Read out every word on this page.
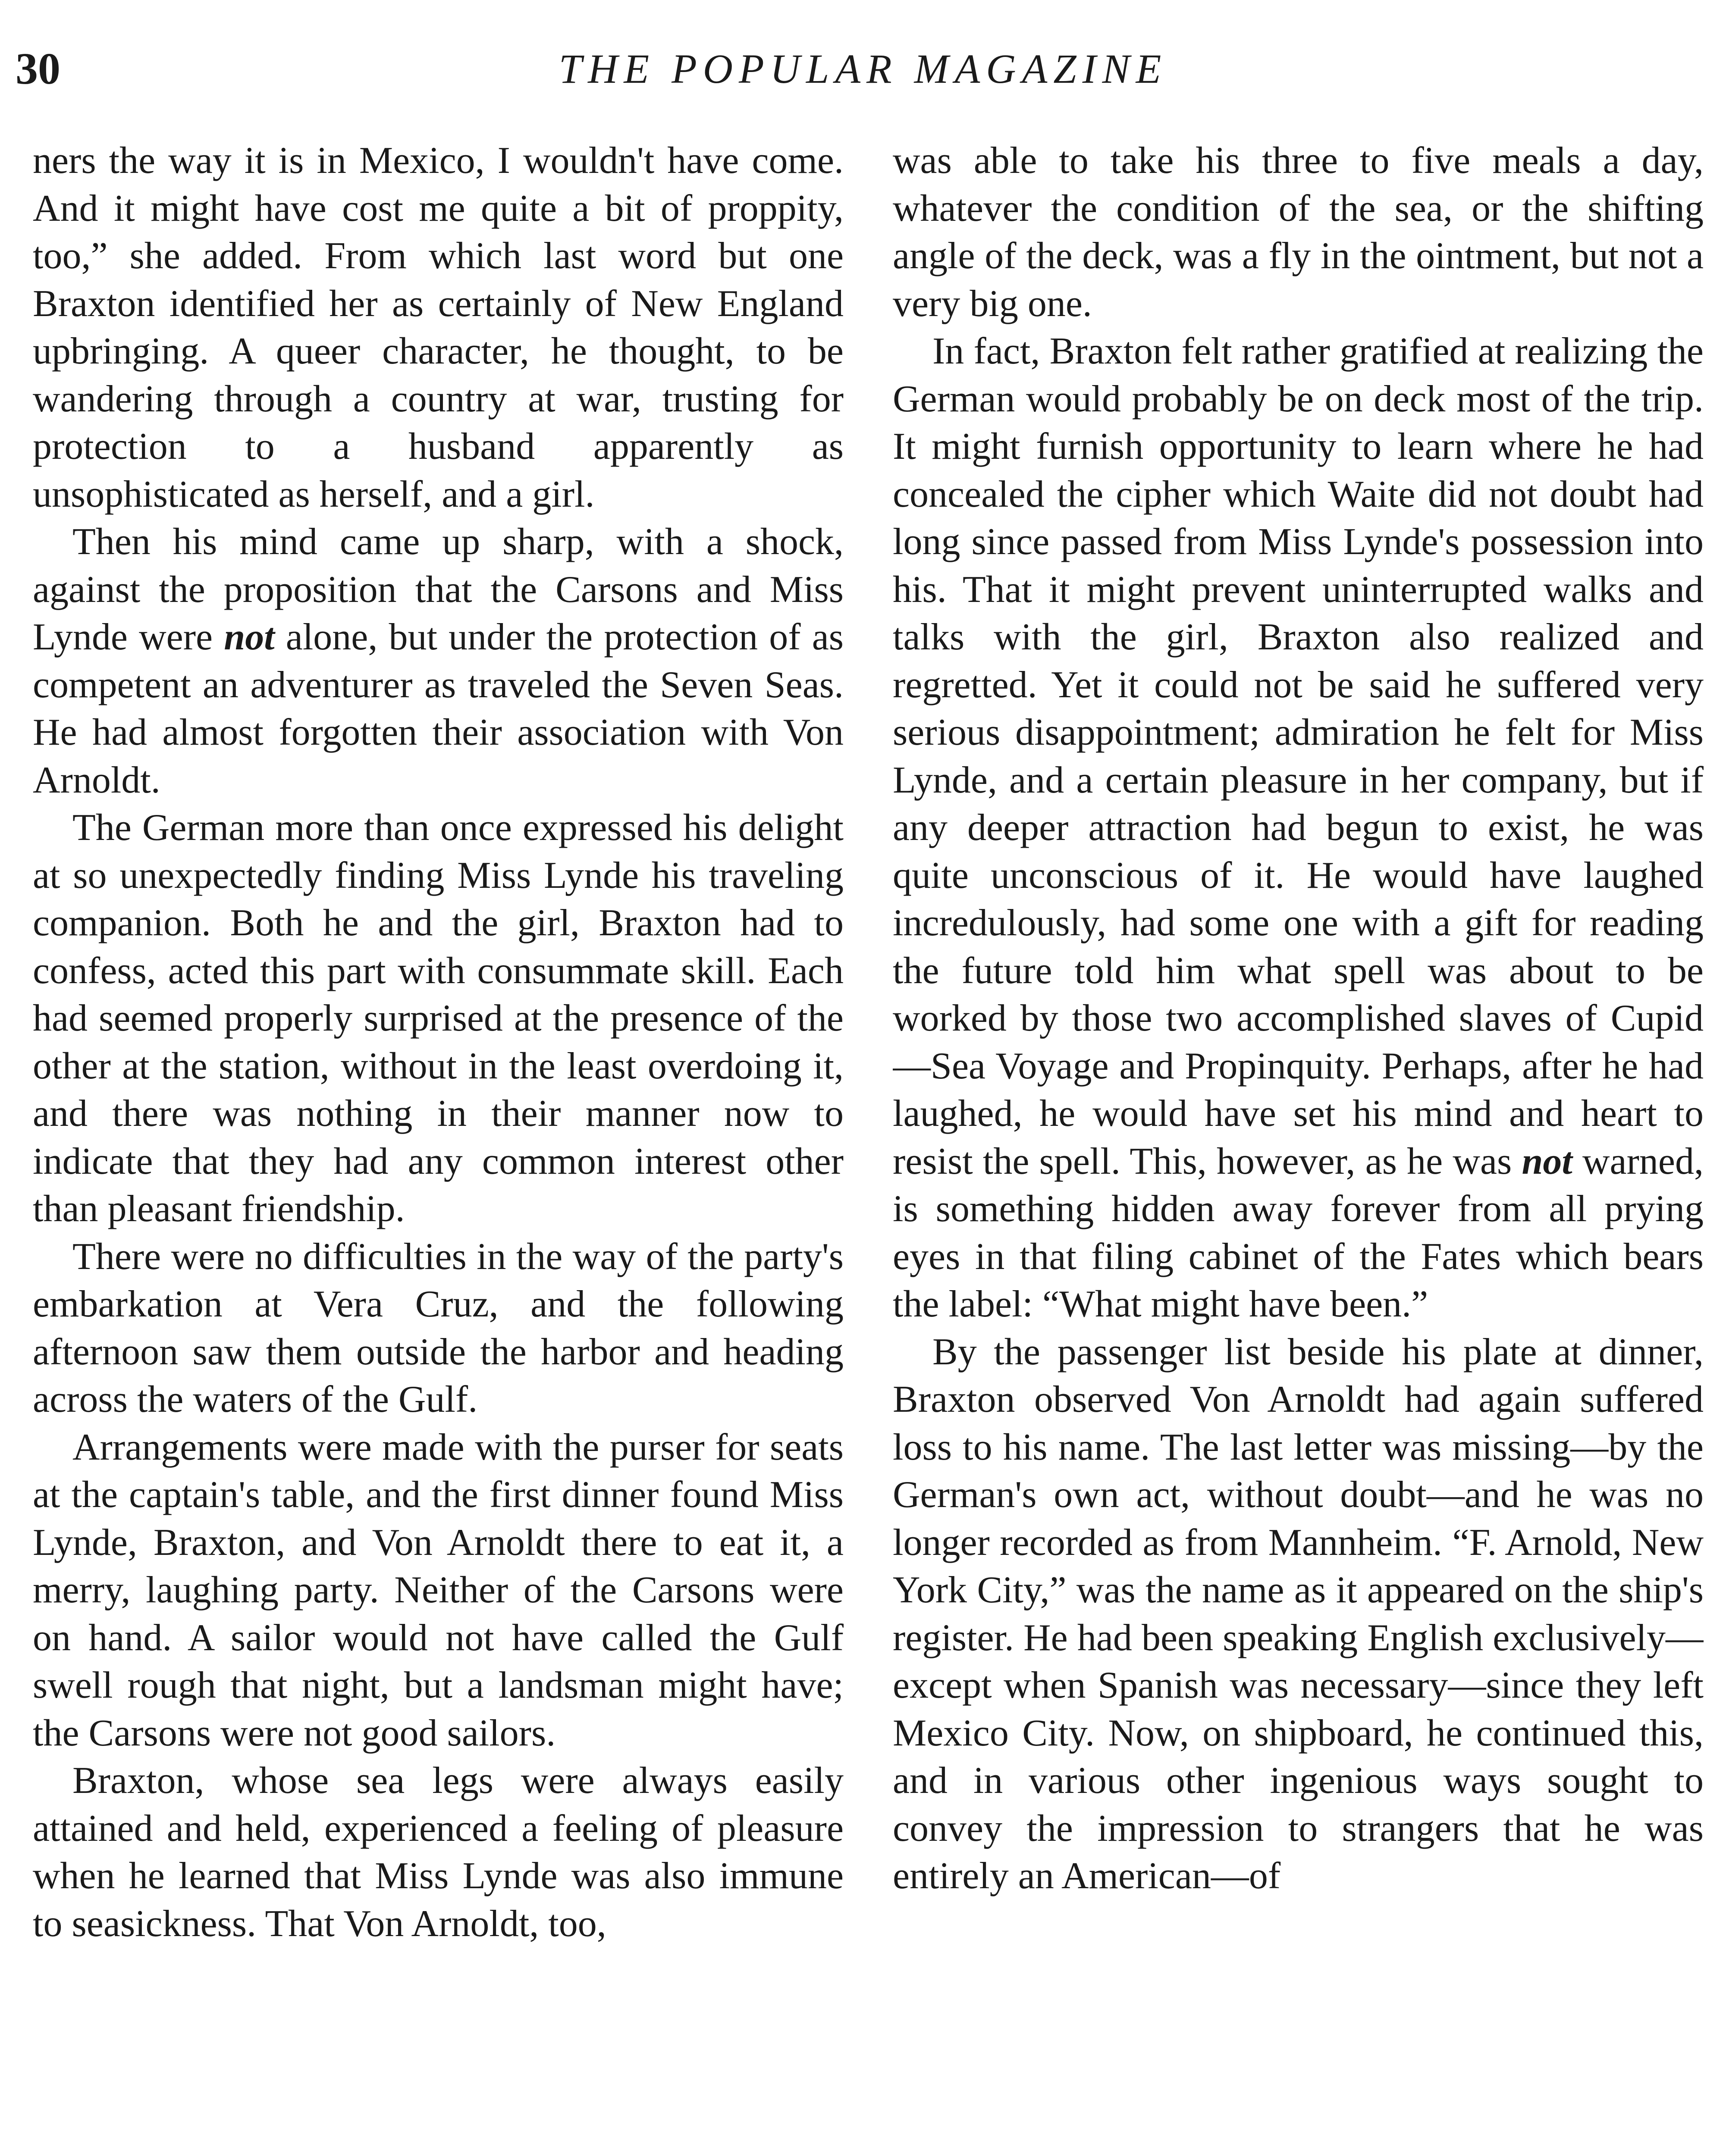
30	THE POPULAR MAGAZINE

ners the way it is in Mexico, I wouldn't have come. And it might have cost me quite a bit of proppity, too,” she added. From which last word but one Braxton identified her as certainly of New England upbringing. A queer character, he thought, to be wandering through a country at war, trusting for protection to a husband apparently as unsophisticated as herself, and a girl.

Then his mind came up sharp, with a shock, against the proposition that the Carsons and Miss Lynde were not alone, but under the protection of as competent an adventurer as traveled the Seven Seas. He had almost forgotten their association with Von Arnoldt.

The German more than once expressed his delight at so unexpectedly finding Miss Lynde his traveling companion. Both he and the girl, Braxton had to confess, acted this part with consummate skill. Each had seemed properly surprised at the presence of the other at the station, without in the least overdoing it, and there was nothing in their manner now to indicate that they had any common interest other than pleasant friendship.

There were no difficulties in the way of the party's embarkation at Vera Cruz, and the following afternoon saw them outside the harbor and heading across the waters of the Gulf.

Arrangements were made with the purser for seats at the captain's table, and the first dinner found Miss Lynde, Braxton, and Von Arnoldt there to eat it, a merry, laughing party. Neither of the Carsons were on hand. A sailor would not have called the Gulf swell rough that night, but a landsman might have; the Carsons were not good sailors.

Braxton, whose sea legs were always easily attained and held, experienced a feeling of pleasure when he learned that Miss Lynde was also immune to seasickness. That Von Arnoldt, too,

was able to take his three to five meals a day, whatever the condition of the sea, or the shifting angle of the deck, was a fly in the ointment, but not a very big one.

In fact, Braxton felt rather gratified at realizing the German would probably be on deck most of the trip. It might furnish opportunity to learn where he had concealed the cipher which Waite did not doubt had long since passed from Miss Lynde's possession into his. That it might prevent uninterrupted walks and talks with the girl, Braxton also realized and regretted. Yet it could not be said he suffered very serious disappointment; admiration he felt for Miss Lynde, and a certain pleasure in her company, but if any deeper attraction had begun to exist, he was quite unconscious of it. He would have laughed incredulously, had some one with a gift for reading the future told him what spell was about to be worked by those two accomplished slaves of Cupid—Sea Voyage and Propinquity. Perhaps, after he had laughed, he would have set his mind and heart to resist the spell. This, however, as he was not warned, is something hidden away forever from all prying eyes in that filing cabinet of the Fates which bears the label: “What might have been.”

By the passenger list beside his plate at dinner, Braxton observed Von Arnoldt had again suffered loss to his name. The last letter was missing—by the German's own act, without doubt—and he was no longer recorded as from Mannheim. “F. Arnold, New York City,” was the name as it appeared on the ship's register. He had been speaking English exclusively—except when Spanish was necessary—since they left Mexico City. Now, on shipboard, he continued this, and in various other ingenious ways sought to convey the impression to strangers that he was entirely an American—of
